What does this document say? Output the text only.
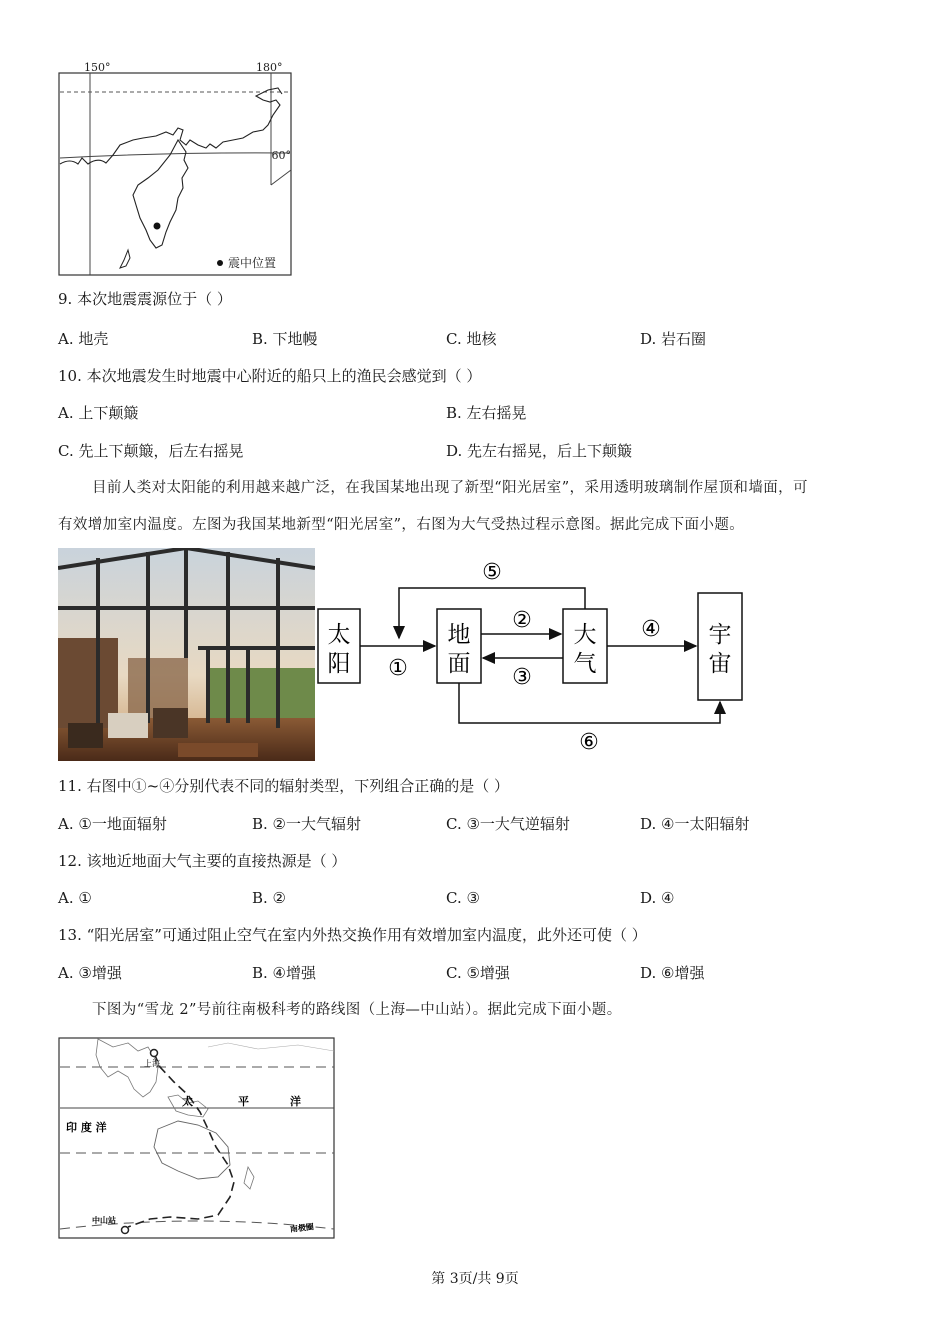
150°	180°
60°
震中位置
9. 本次地震震源位于（ ）
A. 地壳	B. 下地幔	C. 地核	D. 岩石圈
10. 本次地震发生时地震中心附近的船只上的渔民会感觉到（ ）
A. 上下颠簸	B. 左右摇晃
C. 先上下颠簸，后左右摇晃	D. 先左右摇晃，后上下颠簸
目前人类对太阳能的利用越来越广泛，在我国某地出现了新型“阳光居室”，采用透明玻璃制作屋顶和墙面，可
有效增加室内温度。左图为我国某地新型“阳光居室”，右图为大气受热过程示意图。据此完成下面小题。
太
阳
地
面
大
气
宇
宙
①
②
③
④
⑤
⑥
11. 右图中①~④分别代表不同的辐射类型，下列组合正确的是（ ）
A. ①一地面辐射	B. ②一大气辐射	C. ③一大气逆辐射	D. ④一太阳辐射
12. 该地近地面大气主要的直接热源是（ ）
A. ①	B. ②	C. ③	D. ④
13. “阳光居室”可通过阻止空气在室内外热交换作用有效增加室内温度，此外还可使（ ）
A. ③增强	B. ④增强	C. ⑤增强	D. ⑥增强
下图为“雪龙 2”号前往南极科考的路线图（上海—中山站）。据此完成下面小题。
上海
太	平	洋
印 度 洋
中山站
南极圈
第 3页/共 9页
